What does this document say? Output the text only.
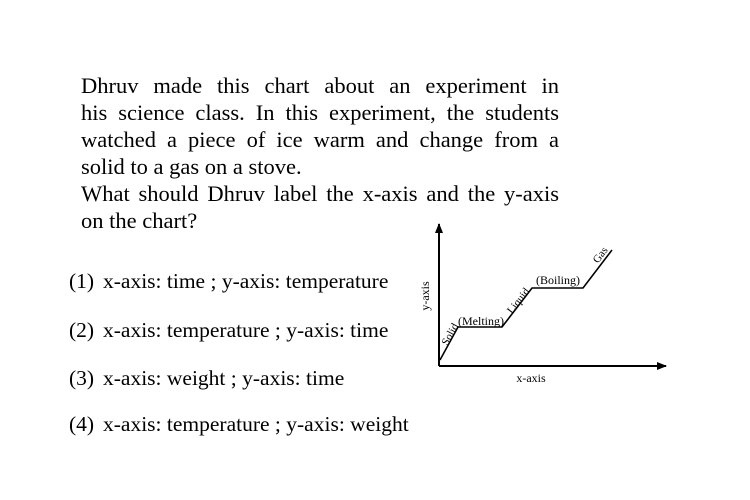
Dhruv made this chart about an experiment in
his science class. In this experiment, the students
watched a piece of ice warm and change from a
solid to a gas on a stove.
What should Dhruv label the x-axis and the y-axis
on the chart?
(1) x-axis: time ; y-axis: temperature
(2) x-axis: temperature ; y-axis: time
(3) x-axis: weight ; y-axis: time
(4) x-axis: temperature ; y-axis: weight
y-axis
x-axis
Solid
(Melting)
Liquid
(Boiling)
Gas
